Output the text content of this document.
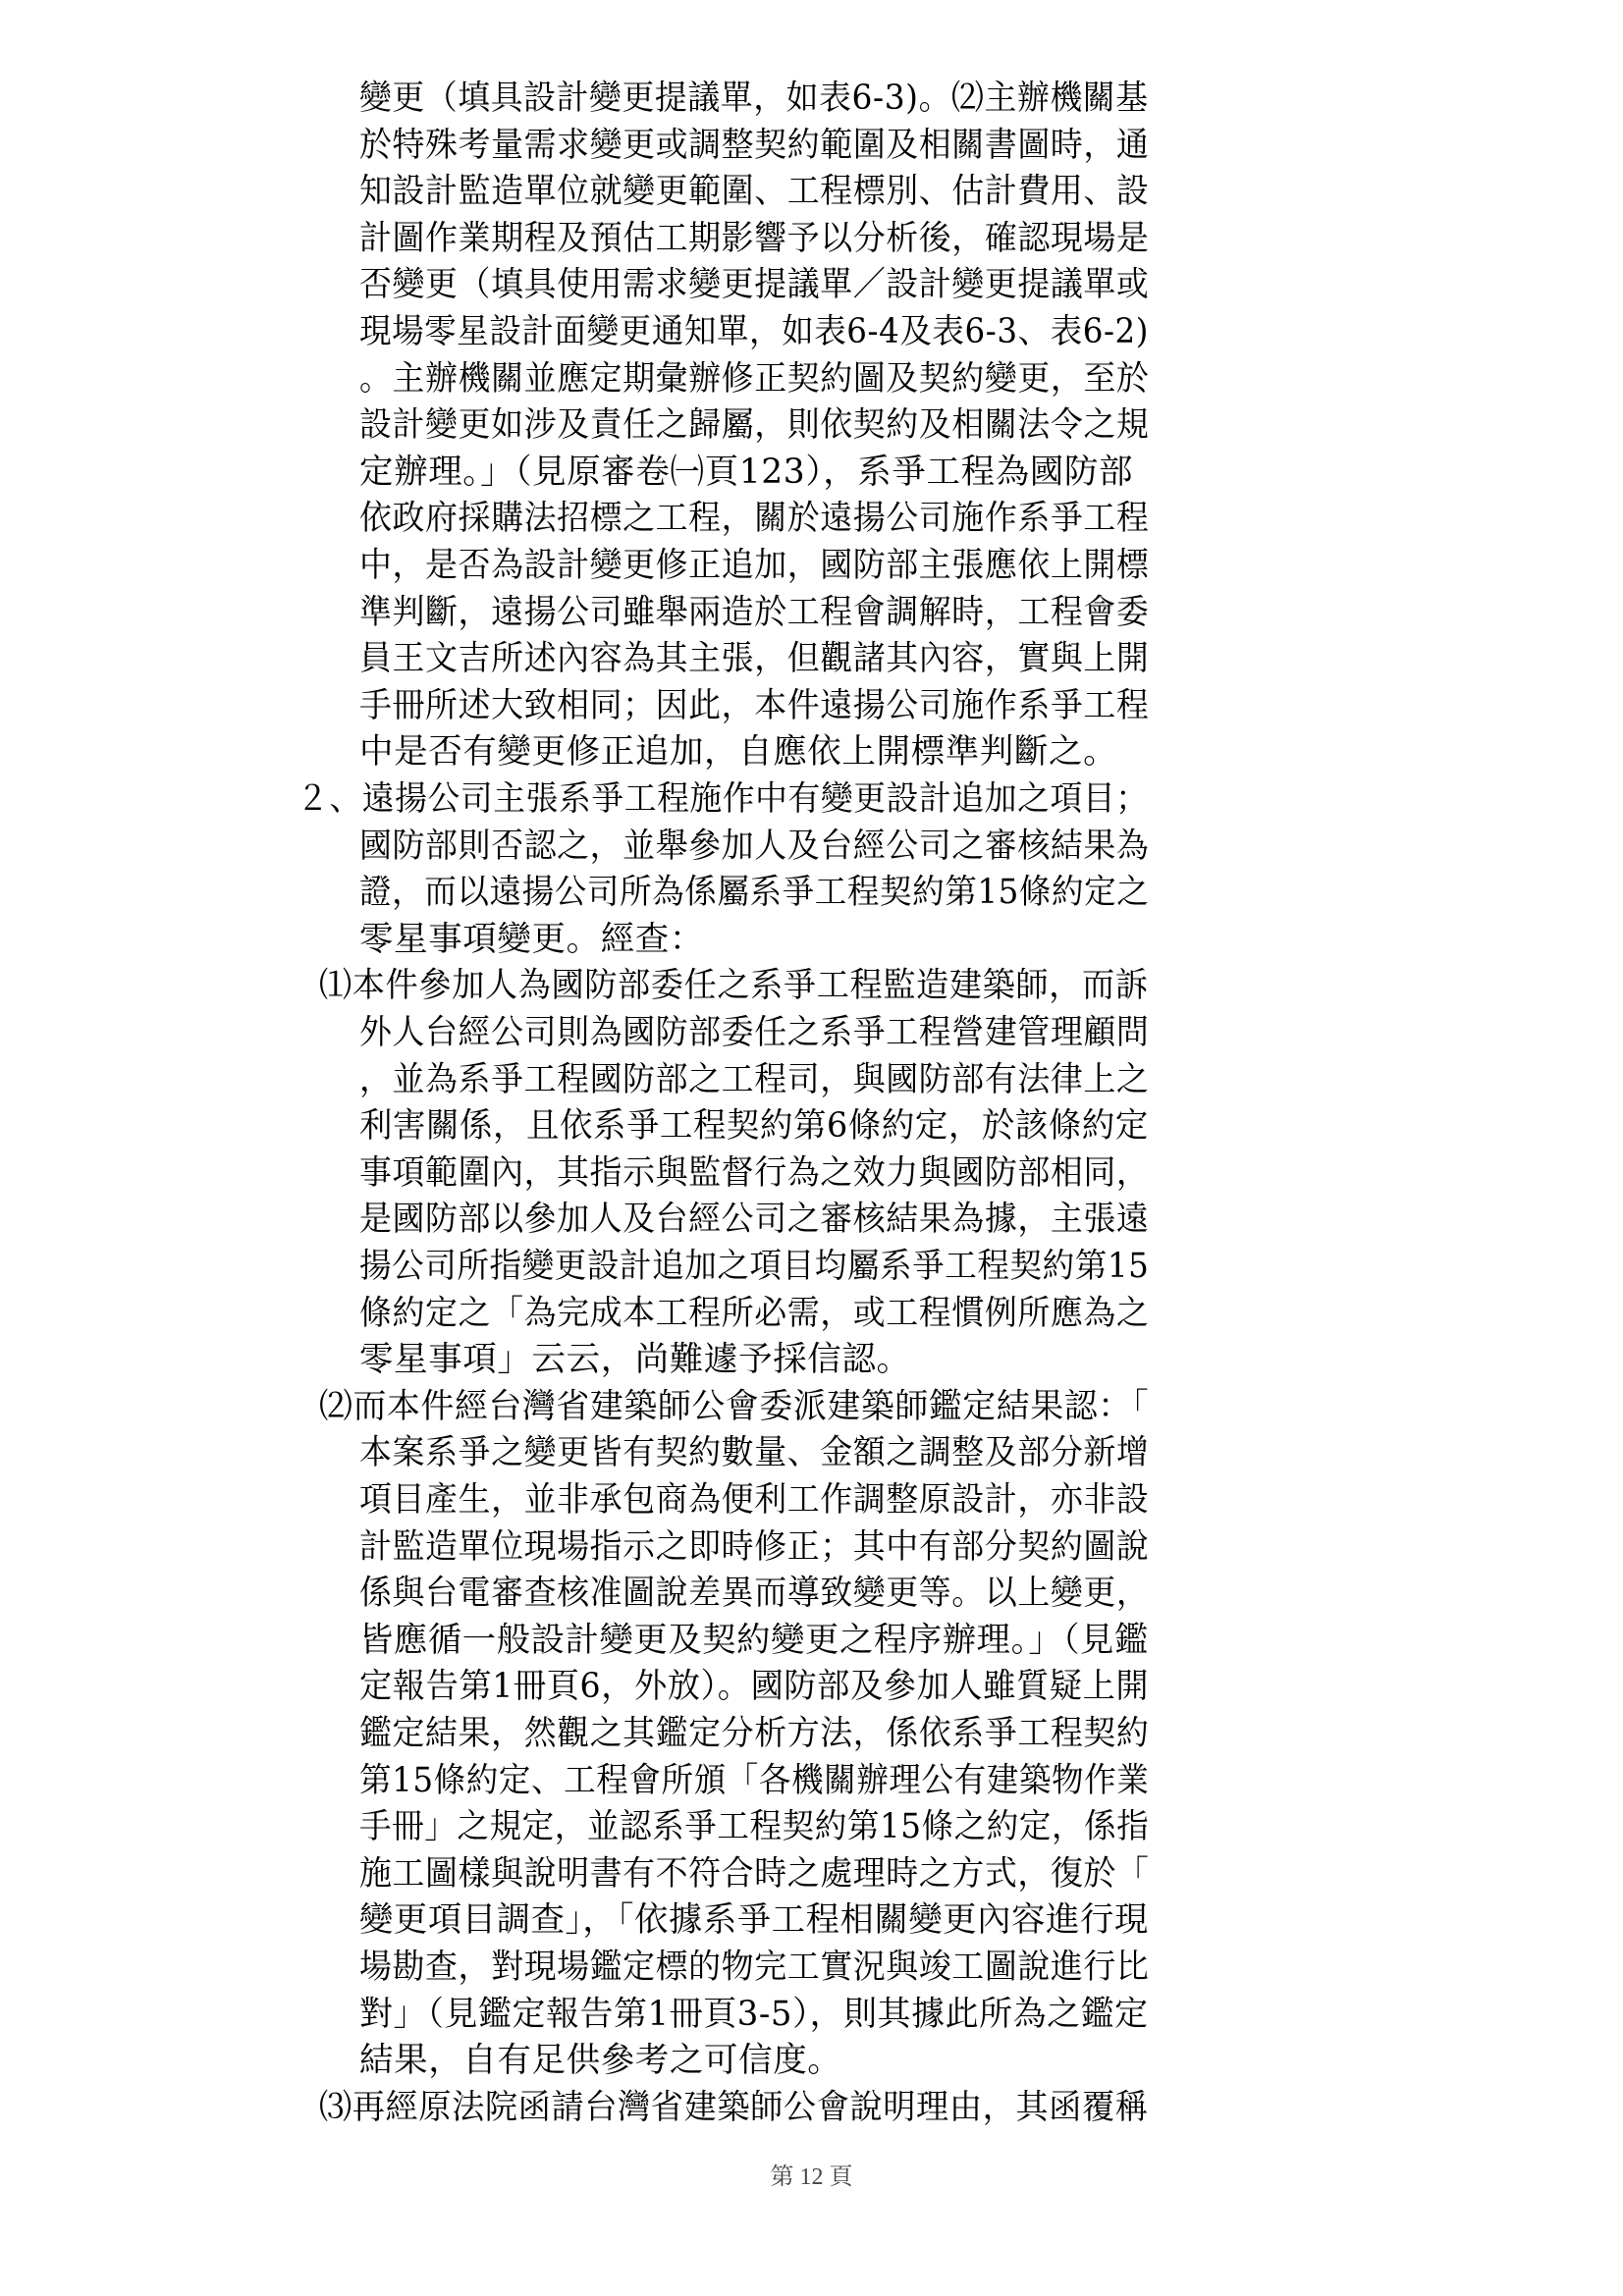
變更（填具設計變更提議單，如表6-3)。⑵主辦機關基
於特殊考量需求變更或調整契約範圍及相關書圖時，通
知設計監造單位就變更範圍、工程標別、估計費用、設
計圖作業期程及預估工期影響予以分析後，確認現場是
否變更（填具使用需求變更提議單／設計變更提議單或
現場零星設計面變更通知單，如表6-4及表6-3、表6-2)
。主辦機關並應定期彙辦修正契約圖及契約變更，至於
設計變更如涉及責任之歸屬，則依契約及相關法令之規
定辦理。」（見原審卷㈠頁123），系爭工程為國防部
依政府採購法招標之工程，關於遠揚公司施作系爭工程
中，是否為設計變更修正追加，國防部主張應依上開標
準判斷，遠揚公司雖舉兩造於工程會調解時，工程會委
員王文吉所述內容為其主張，但觀諸其內容，實與上開
手冊所述大致相同；因此，本件遠揚公司施作系爭工程
中是否有變更修正追加，自應依上開標準判斷之。
２、遠揚公司主張系爭工程施作中有變更設計追加之項目；
國防部則否認之，並舉參加人及台經公司之審核結果為
證，而以遠揚公司所為係屬系爭工程契約第15條約定之
零星事項變更。經查：
⑴本件參加人為國防部委任之系爭工程監造建築師，而訴
外人台經公司則為國防部委任之系爭工程營建管理顧問
，並為系爭工程國防部之工程司，與國防部有法律上之
利害關係，且依系爭工程契約第6條約定，於該條約定
事項範圍內，其指示與監督行為之效力與國防部相同，
是國防部以參加人及台經公司之審核結果為據，主張遠
揚公司所指變更設計追加之項目均屬系爭工程契約第15
條約定之「為完成本工程所必需，或工程慣例所應為之
零星事項」云云，尚難遽予採信認。
⑵而本件經台灣省建築師公會委派建築師鑑定結果認：「
本案系爭之變更皆有契約數量、金額之調整及部分新增
項目產生，並非承包商為便利工作調整原設計，亦非設
計監造單位現場指示之即時修正；其中有部分契約圖說
係與台電審查核准圖說差異而導致變更等。以上變更，
皆應循一般設計變更及契約變更之程序辦理。」（見鑑
定報告第1冊頁6，外放）。國防部及參加人雖質疑上開
鑑定結果，然觀之其鑑定分析方法，係依系爭工程契約
第15條約定、工程會所頒「各機關辦理公有建築物作業
手冊」之規定，並認系爭工程契約第15條之約定，係指
施工圖樣與說明書有不符合時之處理時之方式，復於「
變更項目調查」，「依據系爭工程相關變更內容進行現
場勘查，對現場鑑定標的物完工實況與竣工圖說進行比
對」（見鑑定報告第1冊頁3-5），則其據此所為之鑑定
結果，自有足供參考之可信度。
⑶再經原法院函請台灣省建築師公會說明理由，其函覆稱
第 12 頁
